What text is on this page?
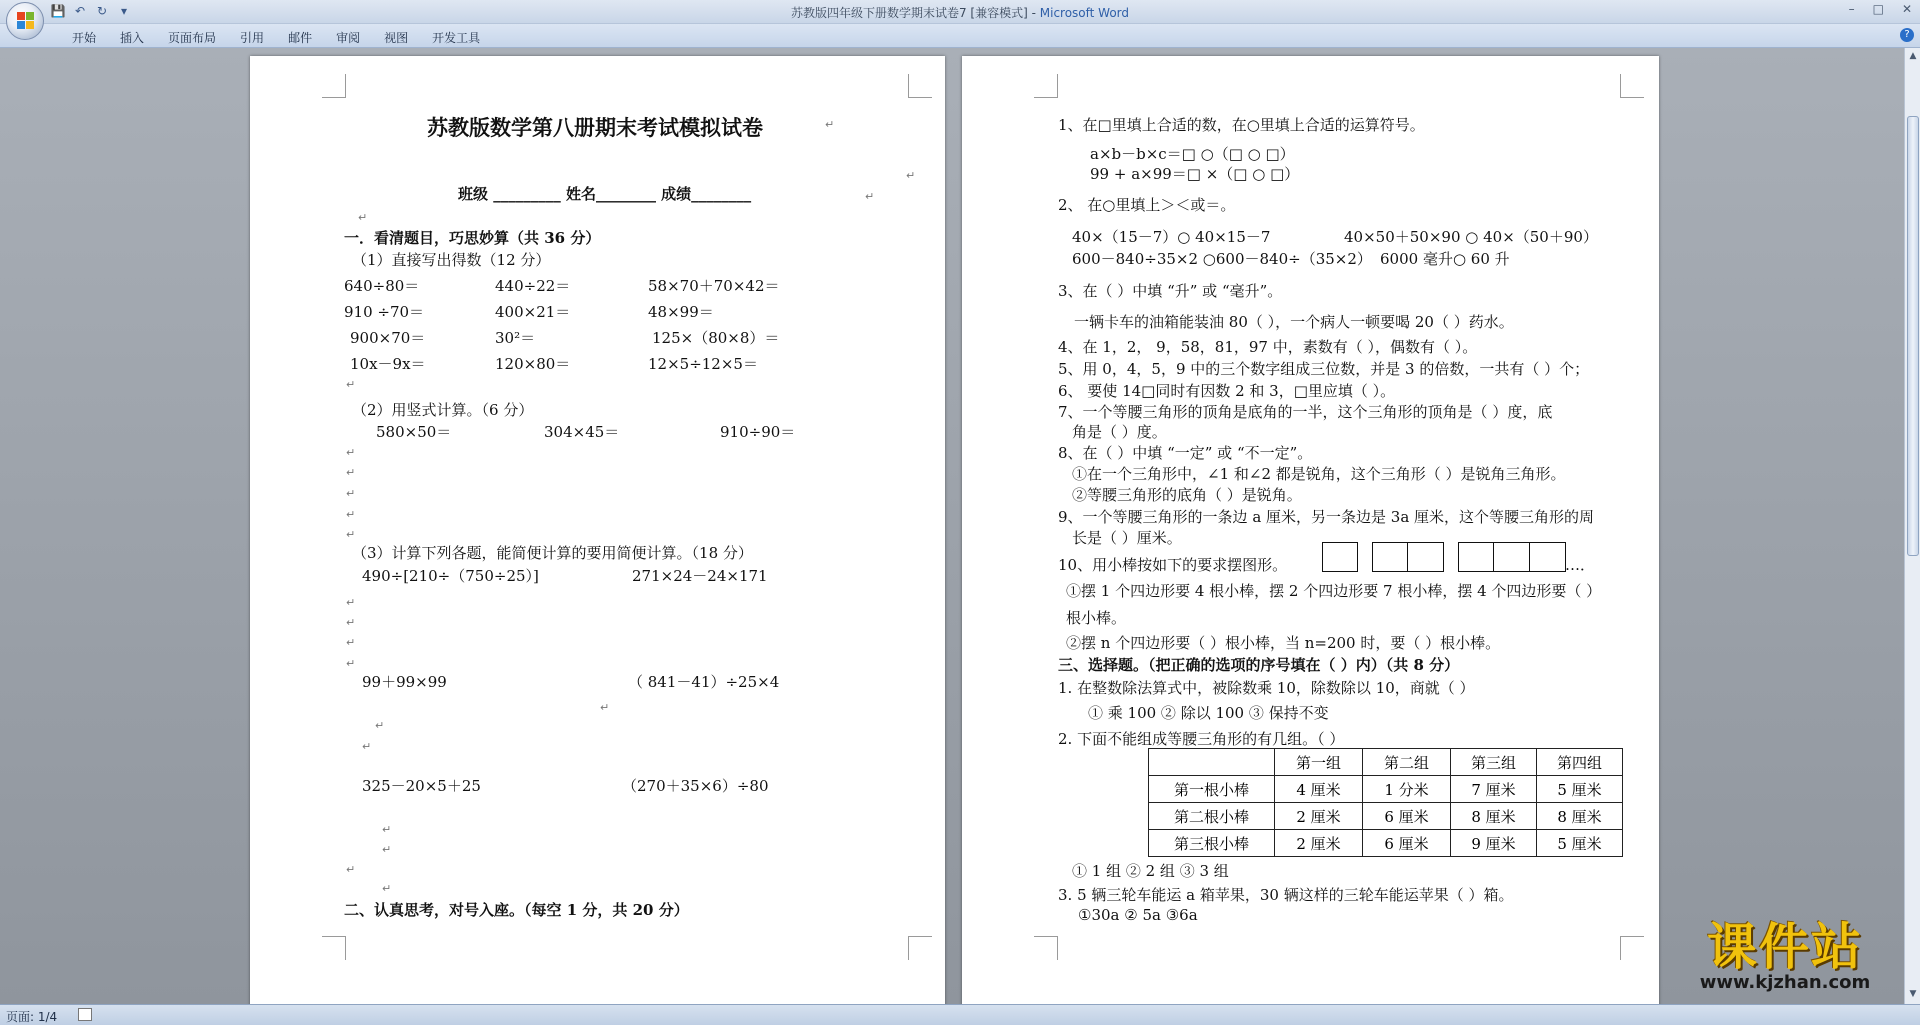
💾 ↶ ↻	▾	苏教版四年级下册数学期末试卷7 [兼容模式] - Microsoft Word	– □ ✕
开始	插入	页面布局	引用	邮件	审阅	视图	开发工具	?
苏教版数学第八册期末考试模拟试卷
班级 _________ 姓名________ 成绩________
一．看清题目，巧思妙算（共 36 分）
（1）直接写出得数（12 分）
640÷80＝	440÷22＝	58×70＋70×42＝
910 ÷70＝	400×21＝	48×99＝
900×70＝	30²＝	125×（80×8）＝
10x－9x＝	120×80＝	12×5÷12×5＝
（2）用竖式计算。（6 分）
580×50＝	304×45＝	910÷90＝
（3）计算下列各题，能简便计算的要用简便计算。（18 分）
490÷[210÷（750÷25）]	271×24－24×171
99＋99×99	（ 841－41）÷25×4
325－20×5＋25	（270＋35×6）÷80
二、认真思考，对号入座。（每空 1 分，共 20 分）
↵
↵
↵
↵
↵
↵
↵
↵
↵
↵
↵
↵
↵
↵
↵
↵
↵
↵
↵
↵
↵
1、在□里填上合适的数，在○里填上合适的运算符号。
a×b－b×c＝□ ○（□ ○ □）
99 + a×99＝□ ×（□ ○ □）
2、 在○里填上＞＜或＝。
40×（15－7）○ 40×15－7	40×50＋50×90 ○ 40×（50＋90）
600－840÷35×2 ○600－840÷（35×2） 6000 毫升○ 60 升
3、在（ ）中填 “升” 或 “毫升”。
一辆卡车的油箱能装油 80（ ），一个病人一顿要喝 20（ ）药水。
4、在 1，2， 9，58，81，97 中，素数有（ ），偶数有（ ）。
5、用 0，4，5，9 中的三个数字组成三位数，并是 3 的倍数，一共有（ ）个；
6、 要使 14□同时有因数 2 和 3，□里应填（ ）。
7、一个等腰三角形的顶角是底角的一半，这个三角形的顶角是（ ）度，底
角是（ ）度。
8、在（ ）中填 “一定” 或 “不一定”。
①在一个三角形中，∠1 和∠2 都是锐角，这个三角形（ ）是锐角三角形。
②等腰三角形的底角（ ）是锐角。
9、一个等腰三角形的一条边 a 厘米，另一条边是 3a 厘米，这个等腰三角形的周
长是（ ）厘米。
10、用小棒按如下的要求摆图形。	…．
①摆 1 个四边形要 4 根小棒，摆 2 个四边形要 7 根小棒，摆 4 个四边形要（ ）
根小棒。
②摆 n 个四边形要（ ）根小棒，当 n=200 时，要（ ）根小棒。
三、选择题。（把正确的选项的序号填在（ ）内）（共 8 分）
1. 在整数除法算式中，被除数乘 10，除数除以 10，商就（ ）
① 乘 100 ② 除以 100 ③ 保持不变
2. 下面不能组成等腰三角形的有几组。（ ）
	第一组	第二组	第三组	第四组
第一根小棒	4 厘米	1 分米	7 厘米	5 厘米
第二根小棒	2 厘米	6 厘米	8 厘米	8 厘米
第三根小棒	2 厘米	6 厘米	9 厘米	5 厘米
① 1 组 ② 2 组 ③ 3 组
3. 5 辆三轮车能运 a 箱苹果，30 辆这样的三轮车能运苹果（ ）箱。
①30a ② 5a ③6a
▲
▼
页面: 1/4
课件站
www.kjzhan.com
